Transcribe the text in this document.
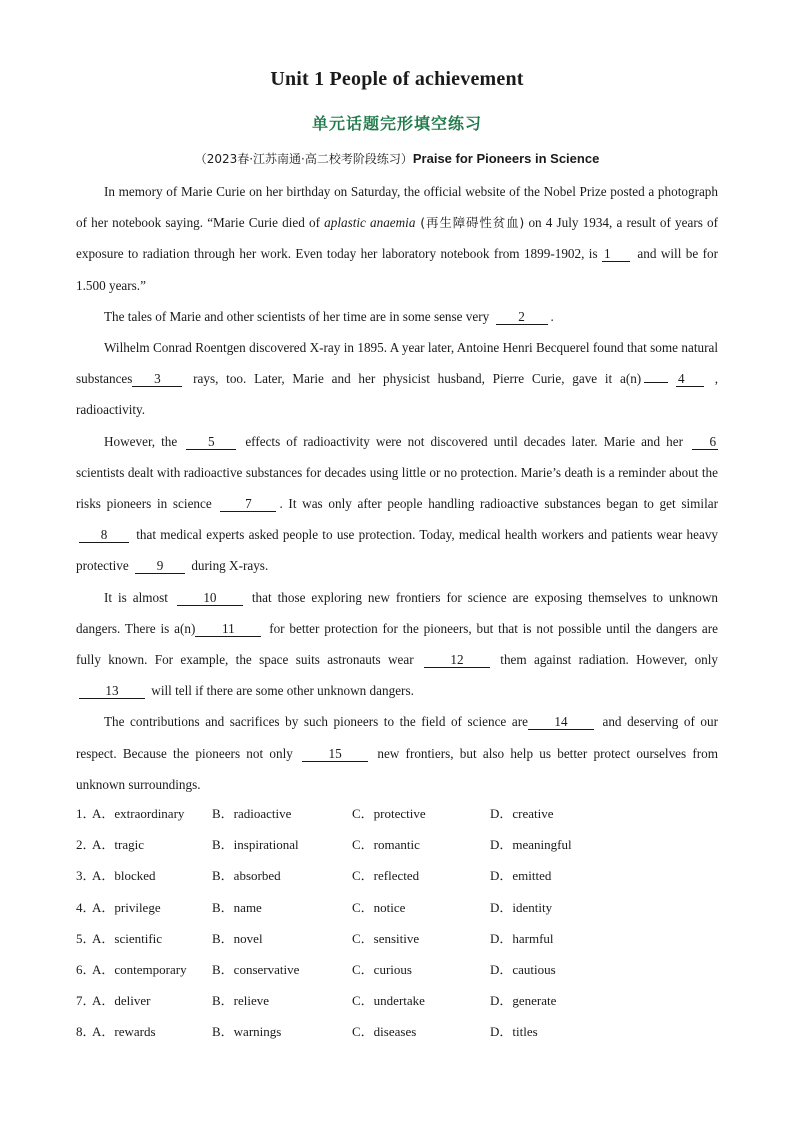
Unit 1 People of achievement
单元话题完形填空练习
（2023春·江苏南通·高二校考阶段练习）Praise for Pioneers in Science

In memory of Marie Curie on her birthday on Saturday, the official website of the Nobel Prize posted a photograph of her notebook saying. “Marie Curie died of aplastic anaemia (再生障碍性贫血) on 4 July 1934, a result of years of exposure to radiation through her work. Even today her laboratory notebook from 1899-1902, is 1 and will be for 1.500 years.”

The tales of Marie and other scientists of her time are in some sense very 2 .

Wilhelm Conrad Roentgen discovered X-ray in 1895. A year later, Antoine Henri Becquerel found that some natural substances 3 rays, too. Later, Marie and her physicist husband, Pierre Curie, gave it a(n)	4 , radioactivity.

However, the 5 effects of radioactivity were not discovered until decades later. Marie and her 6 scientists dealt with radioactive substances for decades using little or no protection. Marie’s death is a reminder about the risks pioneers in science	7 . It was only after people handling radioactive substances began to get similar 8 that medical experts asked people to use protection. Today, medical health workers and patients wear heavy protective 9 during X-rays.

It is almost	10	that those exploring new frontiers for science are exposing themselves to unknown dangers. There is a(n) 11	for better protection for the pioneers, but that is not possible until the dangers are fully known. For example, the space suits astronauts wear	12	them against radiation. However, only 13 will tell if there are some other unknown dangers.

The contributions and sacrifices by such pioneers to the field of science are 14	and deserving of our respect. Because the pioneers not only	15	new frontiers, but also help us better protect ourselves from unknown surroundings.

1．
A．extraordinary B．radioactive	C．protective	D．creative
2．
A．tragic	B．inspirational	C．romantic	D．meaningful
3．
A．blocked	B．absorbed	C．reflected	D．emitted
4．
A．privilege	B．name	C．notice	D．identity
5．
A．scientific	B．novel	C．sensitive	D．harmful
6．
A．contemporary B．conservative	C．curious	D．cautious
7．
A．deliver	B．relieve	C．undertake	D．generate
8．
A．rewards	B．warnings	C．diseases	D．titles
